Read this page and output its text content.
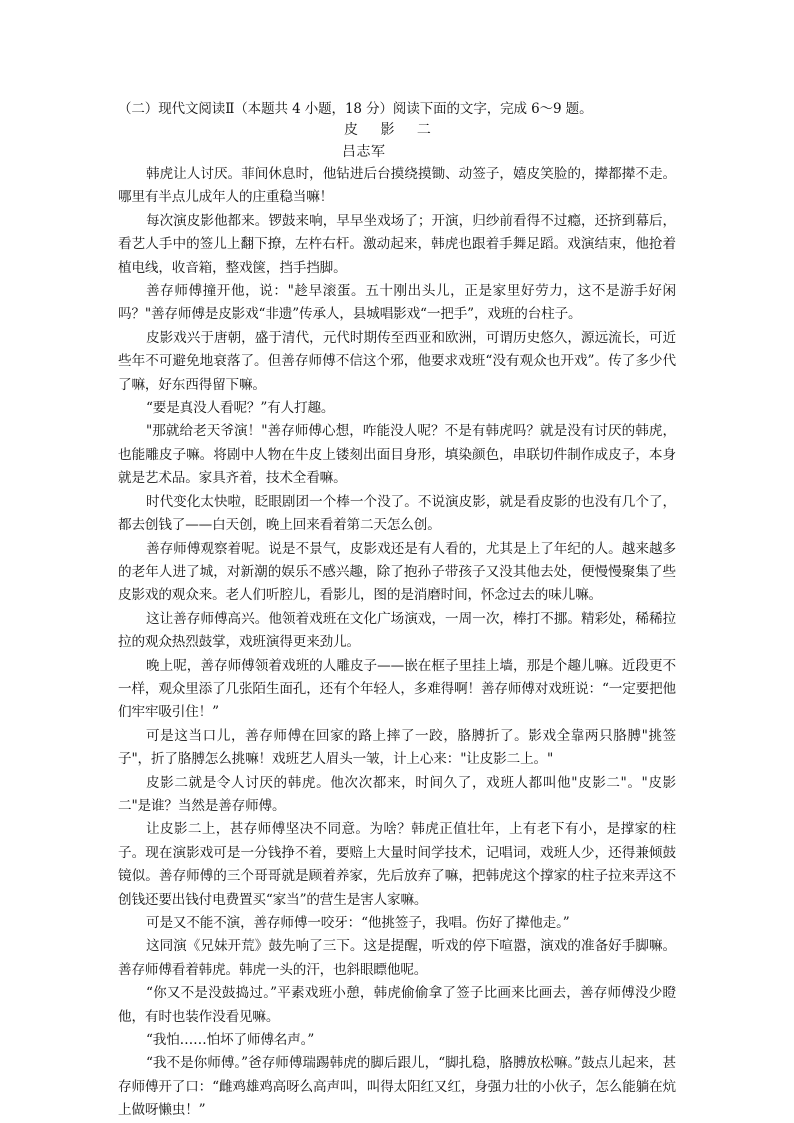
（二）现代文阅读Ⅱ（本题共 4 小题，18 分）阅读下面的文字，完成 6～9 题。

皮 影 二

吕志军

韩虎让人讨厌。菲间休息时，他钻进后台摸绕摸锄、动签子，嬉皮笑脸的，撵都撵不走。哪里有半点儿成年人的庄重稳当嘛！

每次演皮影他都来。锣鼓来响，早早坐戏场了；开演，归纱前看得不过瘾，还挤到幕后，看艺人手中的签儿上翻下撩，左杵右杆。激动起来，韩虎也跟着手舞足蹈。戏演结束，他抢着植电线，收音箱，整戏箧，挡手挡脚。

善存师傅撞开他，说："趁早滚蛋。五十刚出头儿，正是家里好劳力，这不是游手好闲吗？"善存师傅是皮影戏“非遗”传承人，县城唱影戏“一把手”，戏班的台柱子。

皮影戏兴于唐朝，盛于清代，元代时期传至西亚和欧洲，可谓历史悠久，源远流长，可近些年不可避免地衰落了。但善存师傅不信这个邪，他要求戏班“没有观众也开戏”。传了多少代了嘛，好东西得留下嘛。

“要是真没人看呢？”有人打趣。

"那就给老天爷演！"善存师傅心想，咋能没人呢？不是有韩虎吗？就是没有讨厌的韩虎，也能雕皮子嘛。将剧中人物在牛皮上镂刻出面目身形，填染颜色，串联切件制作成皮子，本身就是艺术品。家具齐着，技术全看嘛。

时代变化太快啦，眨眼剧团一个棒一个没了。不说演皮影，就是看皮影的也没有几个了，都去创钱了——白天创，晚上回来看着第二天怎么创。

善存师傅观察着呢。说是不景气，皮影戏还是有人看的，尤其是上了年纪的人。越来越多的老年人进了城，对新潮的娱乐不感兴趣，除了抱孙子带孩子又没其他去处，便慢慢聚集了些皮影戏的观众来。老人们听腔儿，看影儿，图的是消磨时间，怀念过去的味儿嘛。

这让善存师傅高兴。他领着戏班在文化广场演戏，一周一次，棒打不挪。精彩处，稀稀拉拉的观众热烈鼓掌，戏班演得更来劲儿。

晚上呢，善存师傅领着戏班的人雕皮子——嵌在框子里挂上墙，那是个趣儿嘛。近段更不一样，观众里添了几张陌生面孔，还有个年轻人，多难得啊！善存师傅对戏班说：“一定要把他们牢牢吸引住！”

可是这当口儿，善存师傅在回家的路上摔了一跤，胳膊折了。影戏全靠两只胳膊"挑签子"，折了胳膊怎么挑嘛！戏班艺人眉头一皱，计上心来："让皮影二上。"

皮影二就是令人讨厌的韩虎。他次次都来，时间久了，戏班人都叫他"皮影二"。"皮影二"是谁？当然是善存师傅。

让皮影二上，甚存师傅坚决不同意。为啥？韩虎正值壮年，上有老下有小，是撑家的柱子。现在演影戏可是一分钱挣不着，要赔上大量时间学技术，记唱词，戏班人少，还得兼倾鼓镜似。善存师傅的三个哥哥就是顾着养家，先后放弃了嘛，把韩虎这个撑家的柱子拉来弄这不创钱还要出钱付电费置买“家当”的营生是害人家嘛。

可是又不能不演，善存师傅一咬牙：“他挑签子，我唱。伤好了撵他走。”

这同演《兄妹开荒》鼓先响了三下。这是提醒，听戏的停下喧嚣，演戏的准备好手脚嘛。善存师傅看着韩虎。韩虎一头的汗，也斜眼瞟他呢。

“你又不是没鼓捣过。”平素戏班小憩，韩虎偷偷拿了签子比画来比画去，善存师傅没少瞪他，有时也装作没看见嘛。

“我怕……怕坏了师傅名声。”

“我不是你师傅。”爸存师傅瑞踢韩虎的脚后跟儿，“脚扎稳，胳膊放松嘛。”鼓点儿起来，甚存师傅开了口：“雌鸡雄鸡高呀么高声叫，叫得太阳红又红，身强力壮的小伙子，怎么能躺在炕上做呀懒虫！”
